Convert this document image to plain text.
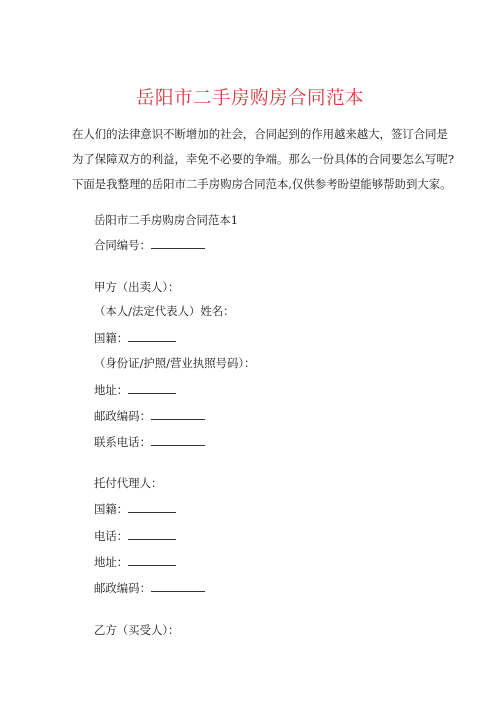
岳阳市二手房购房合同范本
在人们的法律意识不断增加的社会，合同起到的作用越来越大，签订合同是
为了保障双方的利益，幸免不必要的争端。那么一份具体的合同要怎么写呢?
下面是我整理的岳阳市二手房购房合同范本,仅供参考盼望能够帮助到大家。
岳阳市二手房购房合同范本1
合同编号：
甲方（出卖人）：
（本人/法定代表人）姓名：
国籍：
（身份证/护照/营业执照号码）：
地址：
邮政编码：
联系电话：
托付代理人：
国籍：
电话：
地址：
邮政编码：
乙方（买受人）：
